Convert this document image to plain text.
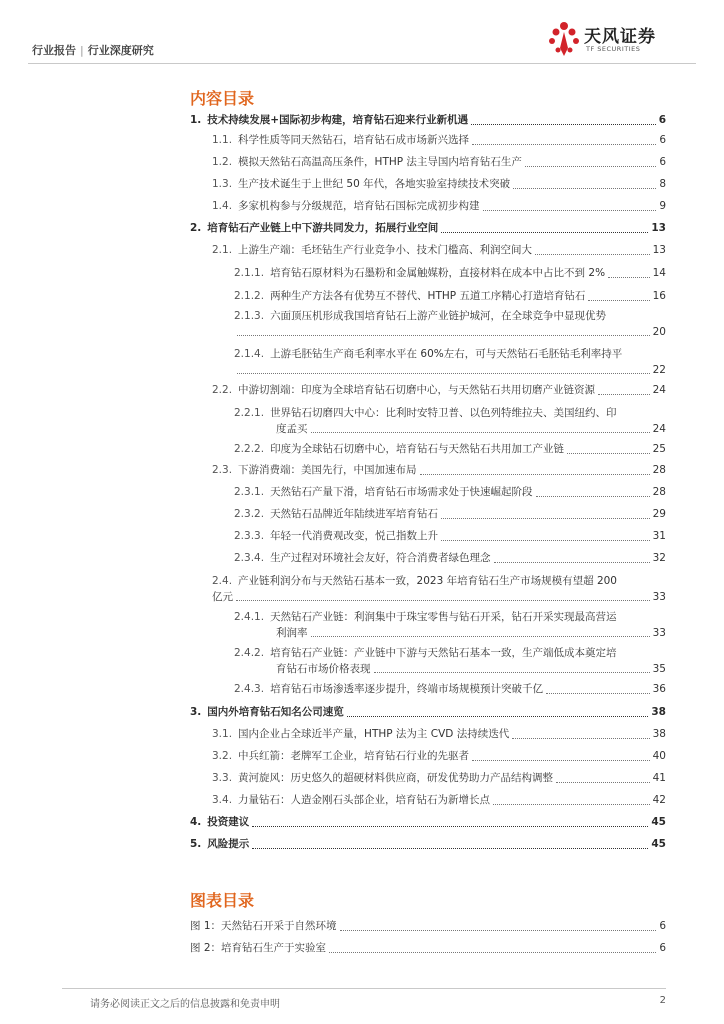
行业报告 | 行业深度研究
天风证券
TF SECURITIES
内容目录
1. 技术持续发展+国际初步构建，培育钻石迎来行业新机遇	6
1.1. 科学性质等同天然钻石，培育钻石成市场新兴选择	6
1.2. 模拟天然钻石高温高压条件，HTHP 法主导国内培育钻石生产	6
1.3. 生产技术诞生于上世纪 50 年代，各地实验室持续技术突破	8
1.4. 多家机构参与分级规范，培育钻石国标完成初步构建	9
2. 培育钻石产业链上中下游共同发力，拓展行业空间	13
2.1. 上游生产端：毛坯钻生产行业竞争小、技术门槛高、利润空间大	13
2.1.1. 培育钻石原材料为石墨粉和金属触媒粉，直接材料在成本中占比不到 2%	14
2.1.2. 两种生产方法各有优势互不替代、HTHP 五道工序精心打造培育钻石	16
2.1.3. 六面顶压机形成我国培育钻石上游产业链护城河，在全球竞争中显现优势
20
2.1.4. 上游毛胚钻生产商毛利率水平在 60%左右，可与天然钻石毛胚钻毛利率持平
22
2.2. 中游切割端：印度为全球培育钻石切磨中心，与天然钻石共用切磨产业链资源	24
2.2.1. 世界钻石切磨四大中心：比利时安特卫普、以色列特维拉夫、美国纽约、印
度孟买	24
2.2.2. 印度为全球钻石切磨中心，培育钻石与天然钻石共用加工产业链	25
2.3. 下游消费端：美国先行，中国加速布局	28
2.3.1. 天然钻石产量下滑，培育钻石市场需求处于快速崛起阶段	28
2.3.2. 天然钻石品牌近年陆续进军培育钻石	29
2.3.3. 年轻一代消费观改变，悦己指数上升	31
2.3.4. 生产过程对环境社会友好，符合消费者绿色理念	32
2.4. 产业链利润分布与天然钻石基本一致，2023 年培育钻石生产市场规模有望超 200
亿元	33
2.4.1. 天然钻石产业链：利润集中于珠宝零售与钻石开采，钻石开采实现最高营运
利润率	33
2.4.2. 培育钻石产业链：产业链中下游与天然钻石基本一致，生产端低成本奠定培
育钻石市场价格表现	35
2.4.3. 培育钻石市场渗透率逐步提升，终端市场规模预计突破千亿	36
3. 国内外培育钻石知名公司速览	38
3.1. 国内企业占全球近半产量，HTHP 法为主 CVD 法持续迭代	38
3.2. 中兵红箭：老牌军工企业，培育钻石行业的先驱者	40
3.3. 黄河旋风：历史悠久的超硬材料供应商，研发优势助力产品结构调整	41
3.4. 力量钻石：人造金刚石头部企业，培育钻石为新增长点	42
4. 投资建议	45
5. 风险提示	45
图表目录
图 1：天然钻石开采于自然环境	6
图 2：培育钻石生产于实验室	6
请务必阅读正文之后的信息披露和免责申明	2
